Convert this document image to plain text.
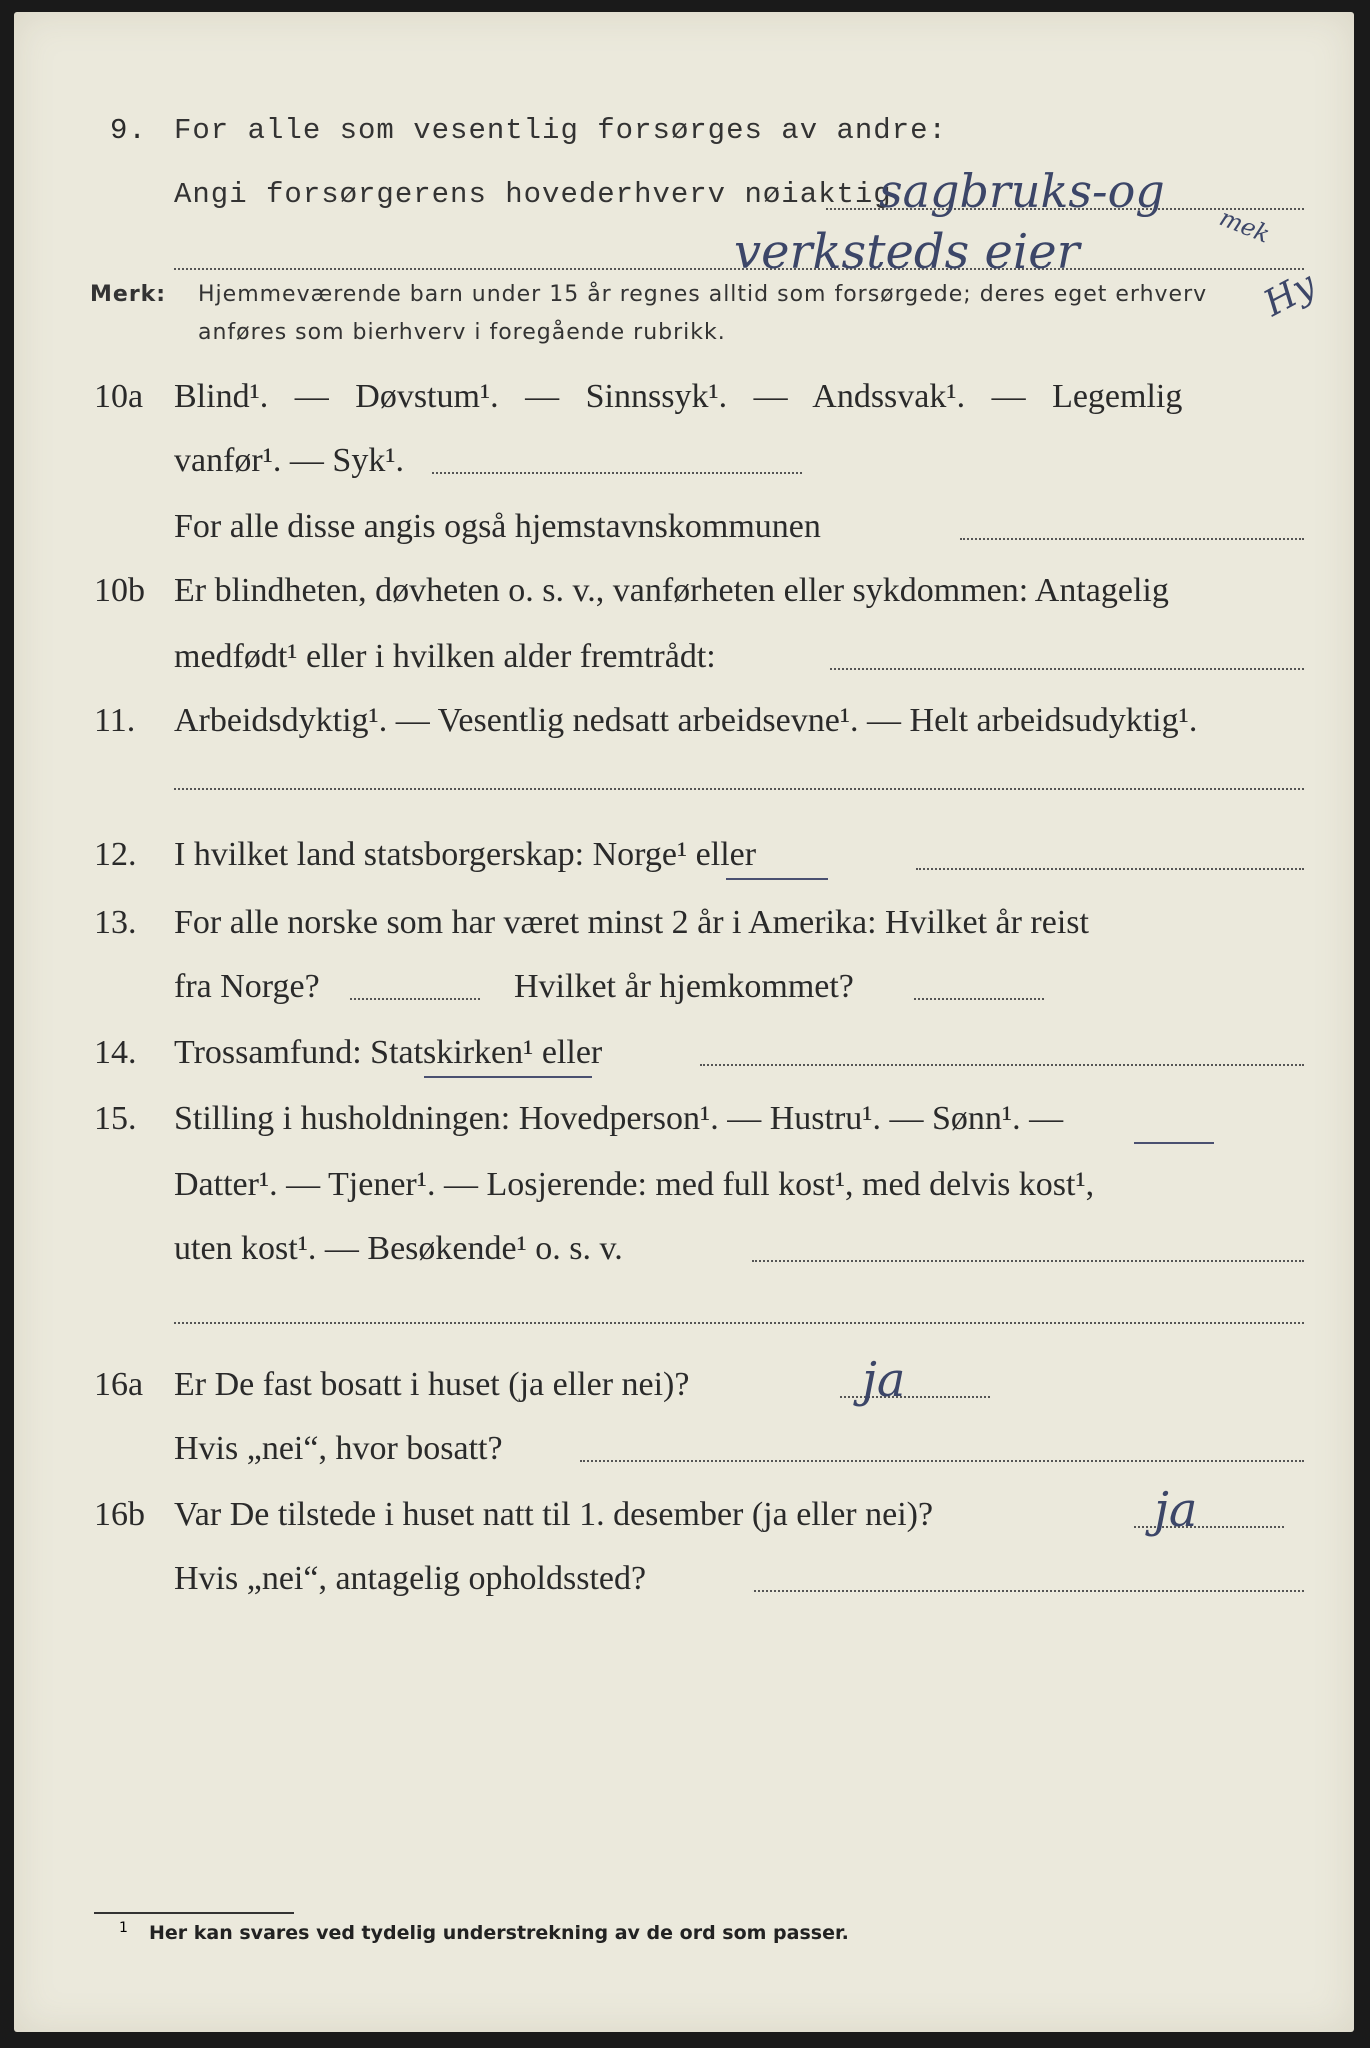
9. For alle som vesentlig forsørges av andre:
Angi forsørgerens hovederhverv nøiaktig
sagbruks-og
verksteds eier	mek
Hy
Merk: Hjemmeværende barn under 15 år regnes alltid som forsørgede; deres eget erhverv
anføres som bierhverv i foregående rubrikk.
10a Blind¹. — Døvstum¹. — Sinnssyk¹. — Andssvak¹. — Legemlig
vanfør¹. — Syk¹.
For alle disse angis også hjemstavnskommunen
10b Er blindheten, døvheten o. s. v., vanførheten eller sykdommen: Antagelig
medfødt¹ eller i hvilken alder fremtrådt:
11. Arbeidsdyktig¹. — Vesentlig nedsatt arbeidsevne¹. — Helt arbeidsudyktig¹.
12. I hvilket land statsborgerskap: Norge¹ eller
13. For alle norske som har været minst 2 år i Amerika: Hvilket år reist
fra Norge?	Hvilket år hjemkommet?
14. Trossamfund: Statskirken¹ eller
15. Stilling i husholdningen: Hovedperson¹. — Hustru¹. — Sønn¹. —
Datter¹. — Tjener¹. — Losjerende: med full kost¹, med delvis kost¹,
uten kost¹. — Besøkende¹ o. s. v.
16a Er De fast bosatt i huset (ja eller nei)?	ja
Hvis „nei“, hvor bosatt?
16b Var De tilstede i huset natt til 1. desember (ja eller nei)?	ja
Hvis „nei“, antagelig opholdssted?
1 Her kan svares ved tydelig understrekning av de ord som passer.
